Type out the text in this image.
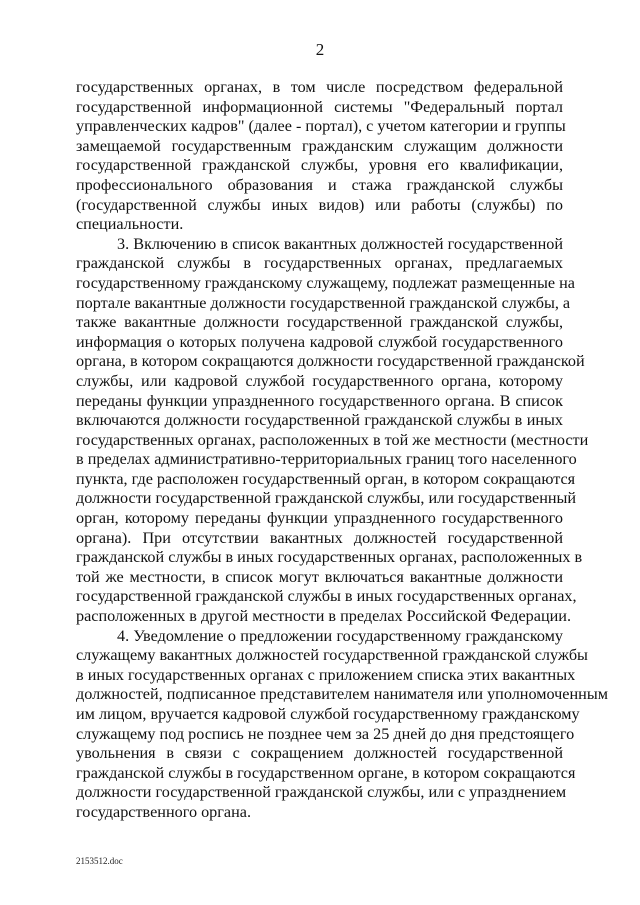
2
государственных органах, в том числе посредством федеральной
государственной информационной системы "Федеральный портал
управленческих кадров" (далее - портал), с учетом категории и группы
замещаемой государственным гражданским служащим должности
государственной гражданской службы, уровня его квалификации,
профессионального образования и стажа гражданской службы
(государственной службы иных видов) или работы (службы) по
специальности.
3. Включению в список вакантных должностей государственной
гражданской службы в государственных органах, предлагаемых
государственному гражданскому служащему, подлежат размещенные на
портале вакантные должности государственной гражданской службы, а
также вакантные должности государственной гражданской службы,
информация о которых получена кадровой службой государственного
органа, в котором сокращаются должности государственной гражданской
службы, или кадровой службой государственного органа, которому
переданы функции упраздненного государственного органа. В список
включаются должности государственной гражданской службы в иных
государственных органах, расположенных в той же местности (местности
в пределах административно-территориальных границ того населенного
пункта, где расположен государственный орган, в котором сокращаются
должности государственной гражданской службы, или государственный
орган, которому переданы функции упраздненного государственного
органа). При отсутствии вакантных должностей государственной
гражданской службы в иных государственных органах, расположенных в
той же местности, в список могут включаться вакантные должности
государственной гражданской службы в иных государственных органах,
расположенных в другой местности в пределах Российской Федерации.
4. Уведомление о предложении государственному гражданскому
служащему вакантных должностей государственной гражданской службы
в иных государственных органах с приложением списка этих вакантных
должностей, подписанное представителем нанимателя или уполномоченным
им лицом, вручается кадровой службой государственному гражданскому
служащему под роспись не позднее чем за 25 дней до дня предстоящего
увольнения в связи с сокращением должностей государственной
гражданской службы в государственном органе, в котором сокращаются
должности государственной гражданской службы, или с упразднением
государственного органа.
2153512.doc
